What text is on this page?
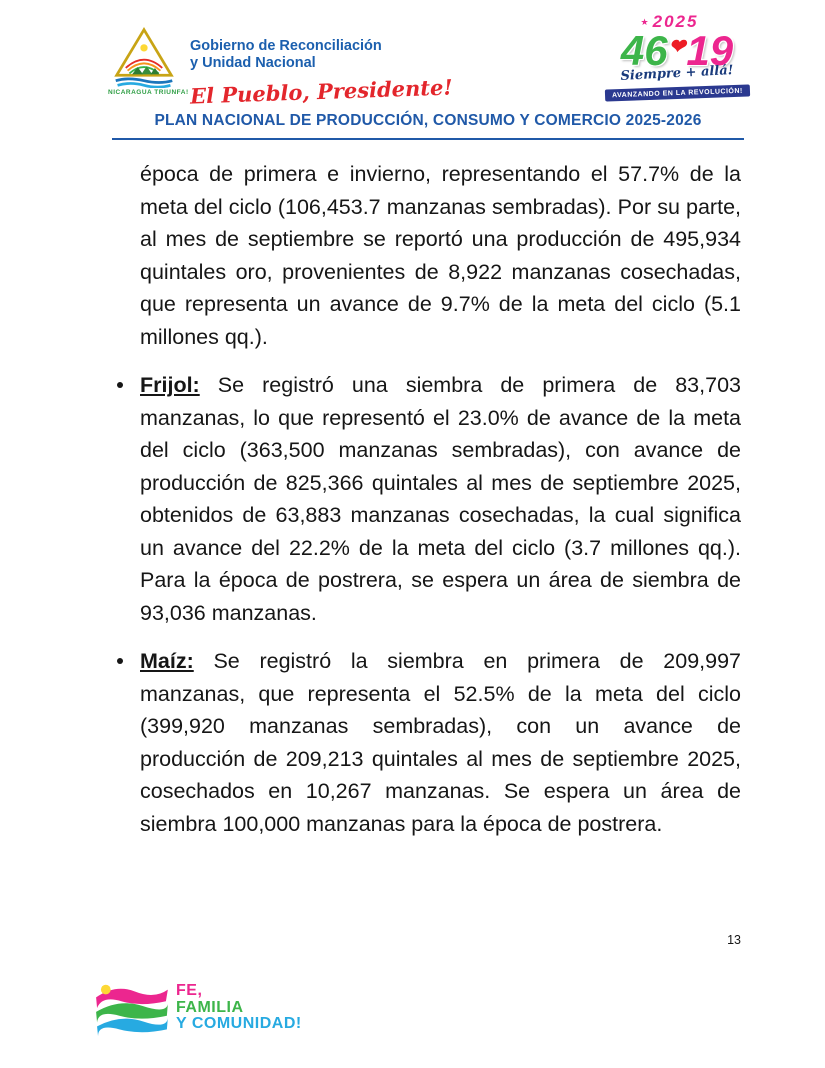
NICARAGUA TRIUNFA!
Gobierno de Reconciliación
y Unidad Nacional
El Pueblo, Presidente!
★ 2025
46❤19
Siempre + allá!
AVANZANDO EN LA REVOLUCIÓN!
PLAN NACIONAL DE PRODUCCIÓN, CONSUMO Y COMERCIO 2025-2026

época de primera e invierno, representando el 57.7% de la meta del ciclo (106,453.7 manzanas sembradas). Por su parte, al mes de septiembre se reportó una producción de 495,934 quintales oro, provenientes de 8,922 manzanas cosechadas, que representa un avance de 9.7% de la meta del ciclo (5.1 millones qq.).

Frijol: Se registró una siembra de primera de 83,703 manzanas, lo que representó el 23.0% de avance de la meta del ciclo (363,500 manzanas sembradas), con avance de producción de 825,366 quintales al mes de septiembre 2025, obtenidos de 63,883 manzanas cosechadas, la cual significa un avance del 22.2% de la meta del ciclo (3.7 millones qq.). Para la época de postrera, se espera un área de siembra de 93,036 manzanas.
Maíz: Se registró la siembra en primera de 209,997 manzanas, que representa el 52.5% de la meta del ciclo (399,920 manzanas sembradas), con un avance de producción de 209,213 quintales al mes de septiembre 2025, cosechados en 10,267 manzanas. Se espera un área de siembra 100,000 manzanas para la época de postrera.
13
FE,
FAMILIA
Y COMUNIDAD!
